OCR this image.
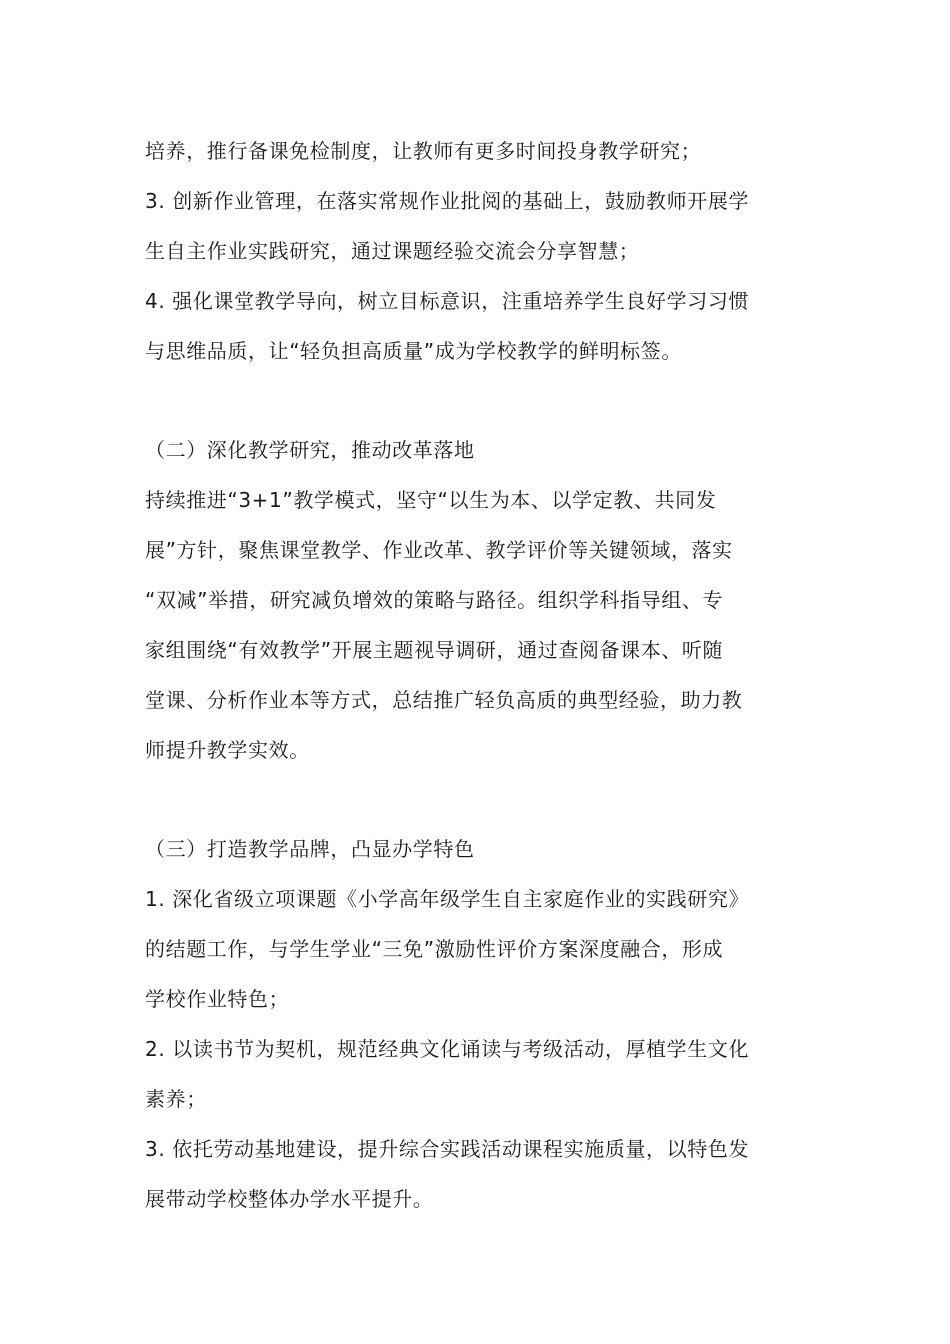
培养，推行备课免检制度，让教师有更多时间投身教学研究；
3. 创新作业管理，在落实常规作业批阅的基础上，鼓励教师开展学
生自主作业实践研究，通过课题经验交流会分享智慧；
4. 强化课堂教学导向，树立目标意识，注重培养学生良好学习习惯
与思维品质，让“轻负担高质量”成为学校教学的鲜明标签。
（二）深化教学研究，推动改革落地
持续推进“3+1”教学模式，坚守“以生为本、以学定教、共同发
展”方针，聚焦课堂教学、作业改革、教学评价等关键领域，落实
“双减”举措，研究减负增效的策略与路径。组织学科指导组、专
家组围绕“有效教学”开展主题视导调研，通过查阅备课本、听随
堂课、分析作业本等方式，总结推广轻负高质的典型经验，助力教
师提升教学实效。
（三）打造教学品牌，凸显办学特色
1. 深化省级立项课题《小学高年级学生自主家庭作业的实践研究》
的结题工作，与学生学业“三免”激励性评价方案深度融合，形成
学校作业特色；
2. 以读书节为契机，规范经典文化诵读与考级活动，厚植学生文化
素养；
3. 依托劳动基地建设，提升综合实践活动课程实施质量，以特色发
展带动学校整体办学水平提升。
